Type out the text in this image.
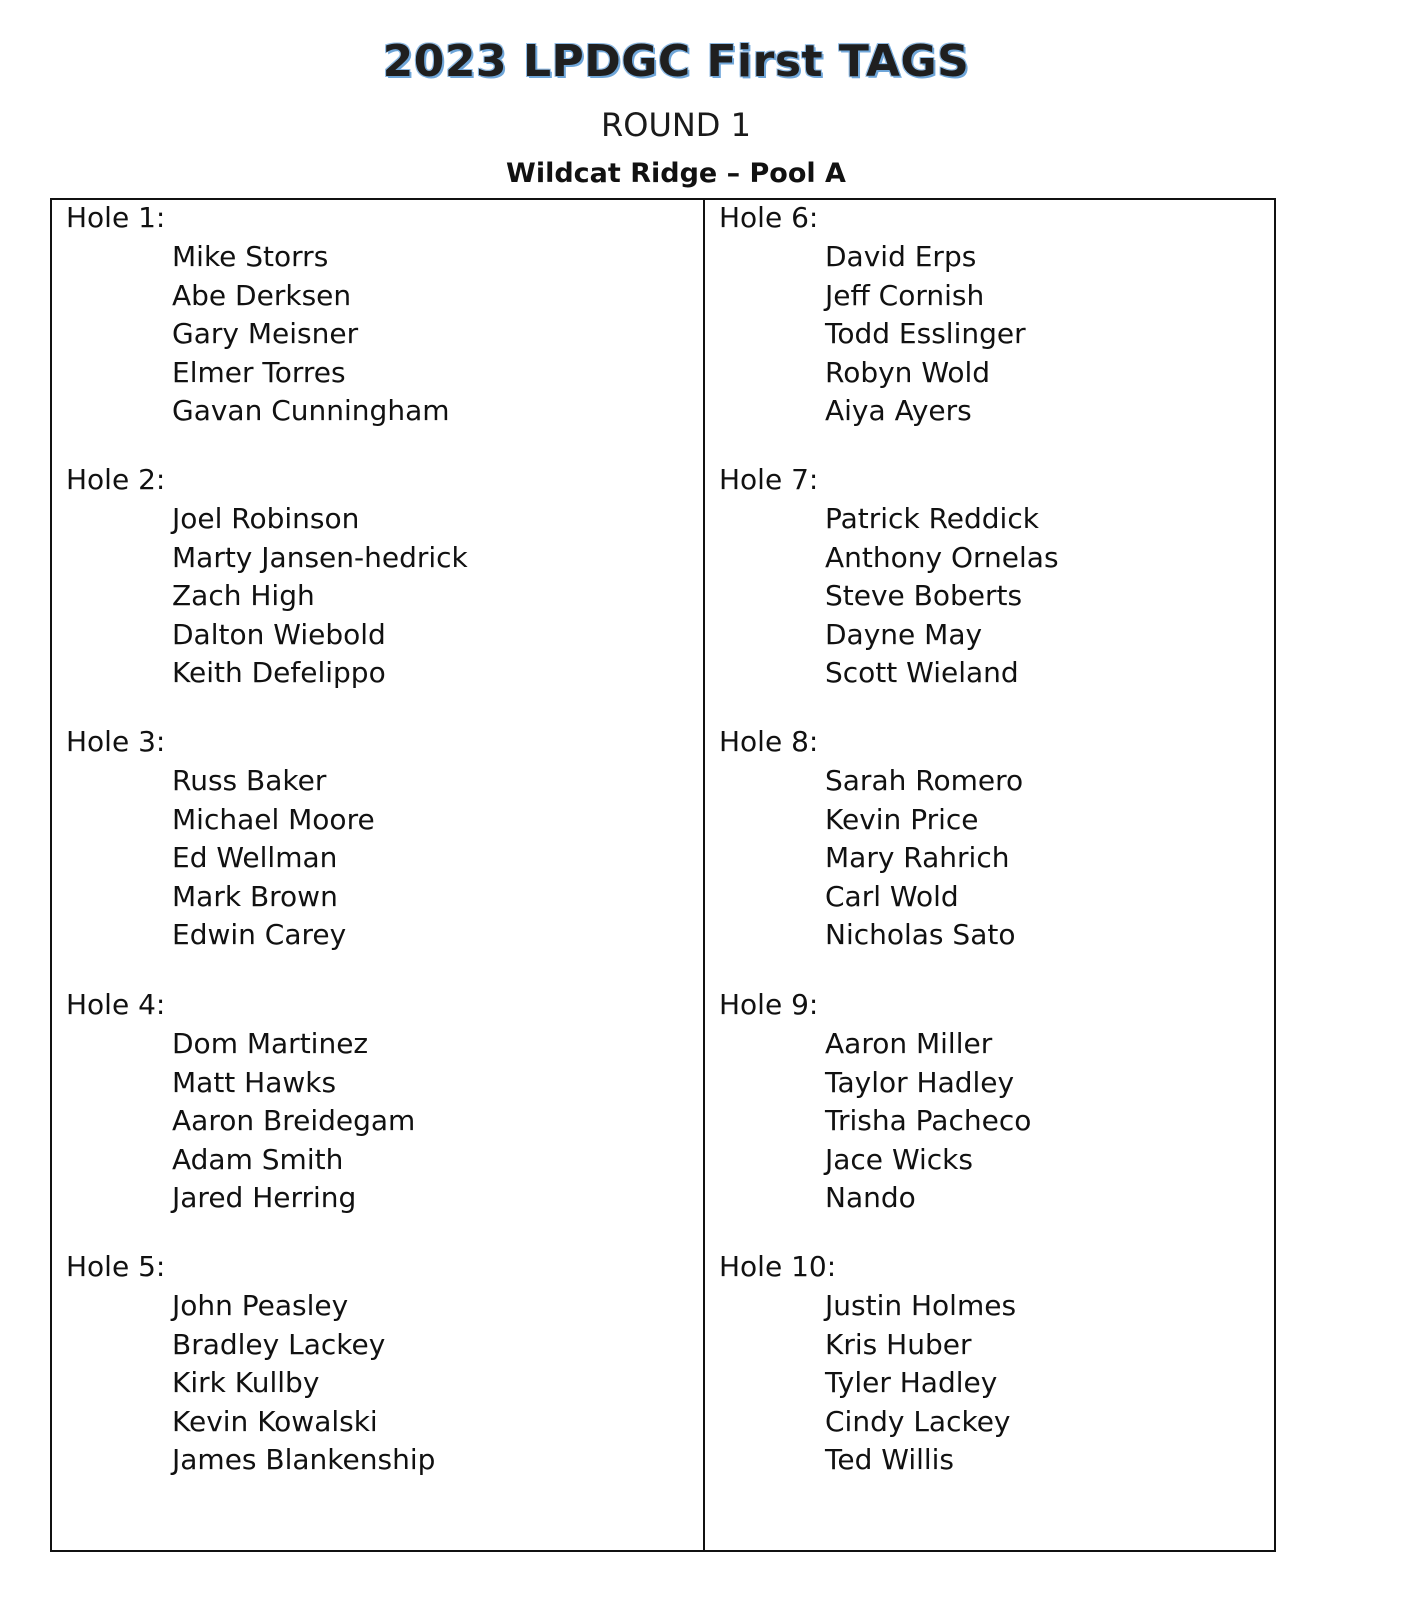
2023 LPDGC First TAGS
ROUND 1
Wildcat Ridge – Pool A
Hole 1:
Mike Storrs
Abe Derksen
Gary Meisner
Elmer Torres
Gavan Cunningham
Hole 2:
Joel Robinson
Marty Jansen-hedrick
Zach High
Dalton Wiebold
Keith Defelippo
Hole 3:
Russ Baker
Michael Moore
Ed Wellman
Mark Brown
Edwin Carey
Hole 4:
Dom Martinez
Matt Hawks
Aaron Breidegam
Adam Smith
Jared Herring
Hole 5:
John Peasley
Bradley Lackey
Kirk Kullby
Kevin Kowalski
James Blankenship
Hole 6:
David Erps
Jeff Cornish
Todd Esslinger
Robyn Wold
Aiya Ayers
Hole 7:
Patrick Reddick
Anthony Ornelas
Steve Boberts
Dayne May
Scott Wieland
Hole 8:
Sarah Romero
Kevin Price
Mary Rahrich
Carl Wold
Nicholas Sato
Hole 9:
Aaron Miller
Taylor Hadley
Trisha Pacheco
Jace Wicks
Nando
Hole 10:
Justin Holmes
Kris Huber
Tyler Hadley
Cindy Lackey
Ted Willis
